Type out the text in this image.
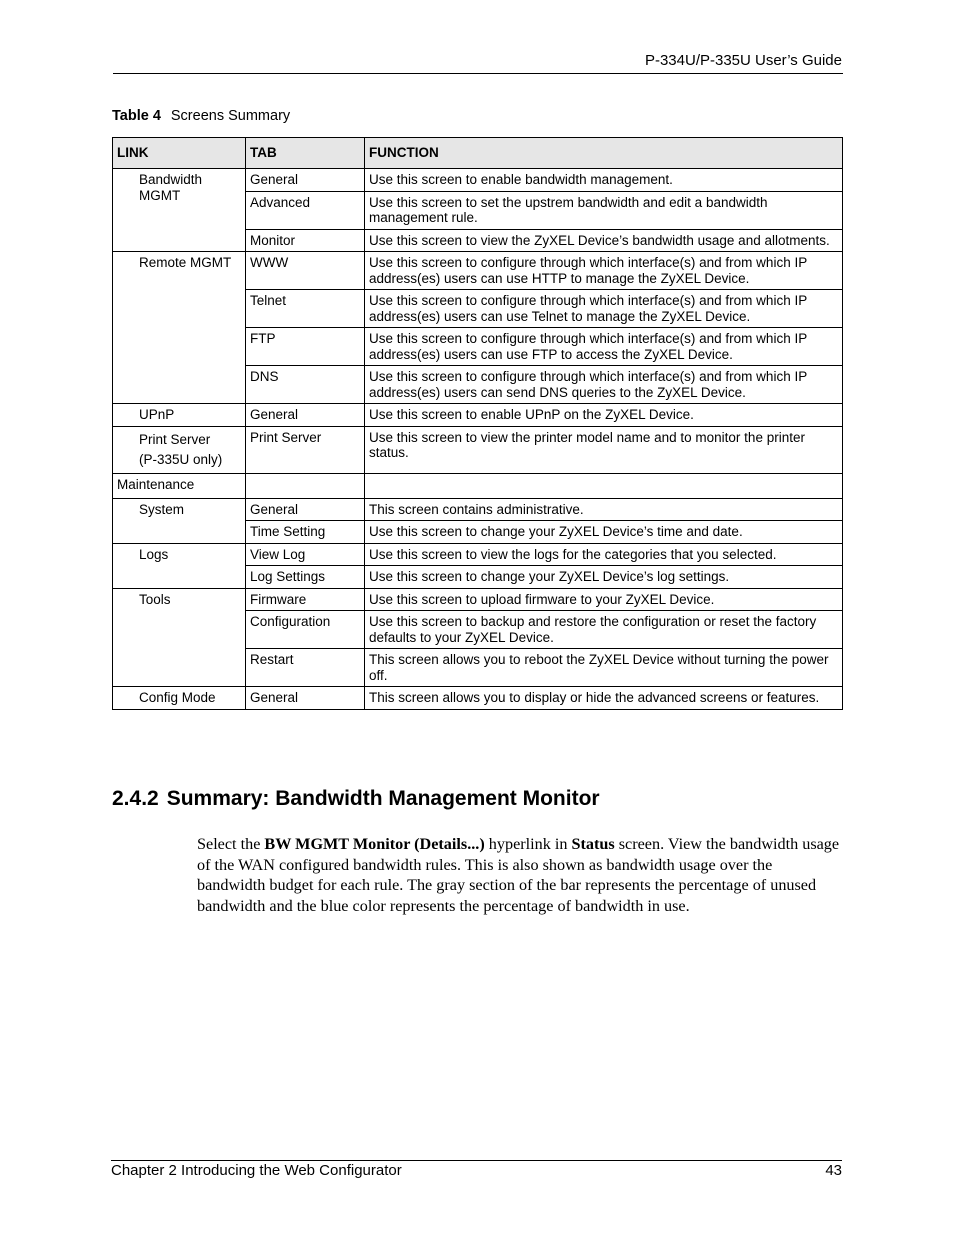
P-334U/P-335U User’s Guide
Table 4 Screens Summary
LINK	TAB	FUNCTION
Bandwidth MGMT	General	Use this screen to enable bandwidth management.
	Advanced	Use this screen to set the upstrem bandwidth and edit a bandwidth management rule.
	Monitor	Use this screen to view the ZyXEL Device’s bandwidth usage and allotments.
Remote MGMT	WWW	Use this screen to configure through which interface(s) and from which IP address(es) users can use HTTP to manage the ZyXEL Device.
	Telnet	Use this screen to configure through which interface(s) and from which IP address(es) users can use Telnet to manage the ZyXEL Device.
	FTP	Use this screen to configure through which interface(s) and from which IP address(es) users can use FTP to access the ZyXEL Device.
	DNS	Use this screen to configure through which interface(s) and from which IP address(es) users can send DNS queries to the ZyXEL Device.
UPnP	General	Use this screen to enable UPnP on the ZyXEL Device.

Print Server
(P-335U only)	Print Server	Use this screen to view the printer model name and to monitor the printer status.
Maintenance		
System	General	This screen contains administrative.
	Time Setting	Use this screen to change your ZyXEL Device’s time and date.
Logs	View Log	Use this screen to view the logs for the categories that you selected.
	Log Settings	Use this screen to change your ZyXEL Device’s log settings.
Tools	Firmware	Use this screen to upload firmware to your ZyXEL Device.
	Configuration	Use this screen to backup and restore the configuration or reset the factory defaults to your ZyXEL Device.
	Restart	This screen allows you to reboot the ZyXEL Device without turning the power off.
Config Mode	General	This screen allows you to display or hide the advanced screens or features.
2.4.2 Summary: Bandwidth Management Monitor
Select the BW MGMT Monitor (Details...) hyperlink in Status screen. View the bandwidth usage of the WAN configured bandwidth rules. This is also shown as bandwidth usage over the bandwidth budget for each rule. The gray section of the bar represents the percentage of unused bandwidth and the blue color represents the percentage of bandwidth in use.
Chapter 2 Introducing the Web Configurator	43
